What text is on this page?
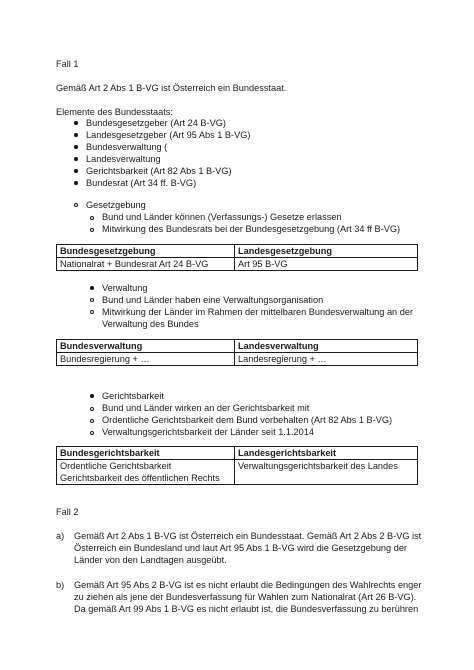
Fall 1
Gemäß Art 2 Abs 1 B-VG ist Österreich ein Bundesstaat.
Elemente des Bundesstaats:
Bundesgesetzgeber (Art 24 B-VG)
Landesgesetzgeber (Art 95 Abs 1 B-VG)
Bundesverwaltung (
Landesverwaltung
Gerichtsbarkeit (Art 82 Abs 1 B-VG)
Bundesrat (Art 34 ff. B-VG)
Gesetzgebung
Bund und Länder können (Verfassungs-) Gesetze erlassen
Mitwirkung des Bundesrats bei der Bundesgesetzgebung (Art 34 ff B-VG)
Bundesgesetzgebung	Landesgesetzgebung
Nationalrat + Bundesrat Art 24 B-VG	Art 95 B-VG
Verwaltung
Bund und Länder haben eine Verwaltungsorganisation
Mitwirkung der Länder im Rahmen der mittelbaren Bundesverwaltung an der
Verwaltung des Bundes
Bundesverwaltung	Landesverwaltung
Bundesregierung + …	Landesregierung + …
Gerichtsbarkeit
Bund und Länder wirken an der Gerichtsbarkeit mit
Ordentliche Gerichtsbarkeit dem Bund vorbehalten (Art 82 Abs 1 B-VG)
Verwaltungsgerichtsbarkeit der Länder seit 1.1.2014
Bundesgerichtsbarkeit	Landesgerichtsbarkeit
Ordentliche Gerichtsbarkeit	Verwaltungsgerichtsbarkeit des Landes
Gerichtsbarkeit des öffentlichen Rechts	
Fall 2
a) Gemäß Art 2 Abs 1 B-VG ist Österreich ein Bundesstaat. Gemäß Art 2 Abs 2 B-VG ist
Österreich ein Bundesland und laut Art 95 Abs 1 B-VG wird die Gesetzgebung der
Länder von den Landtagen ausgeübt.
b) Gemäß Art 95 Abs 2 B-VG ist es nicht erlaubt die Bedingungen des Wahlrechts enger
zu ziehen als jene der Bundesverfassung für Wahlen zum Nationalrat (Art 26 B-VG).
Da gemäß Art 99 Abs 1 B-VG es nicht erlaubt ist, die Bundesverfassung zu berühren
